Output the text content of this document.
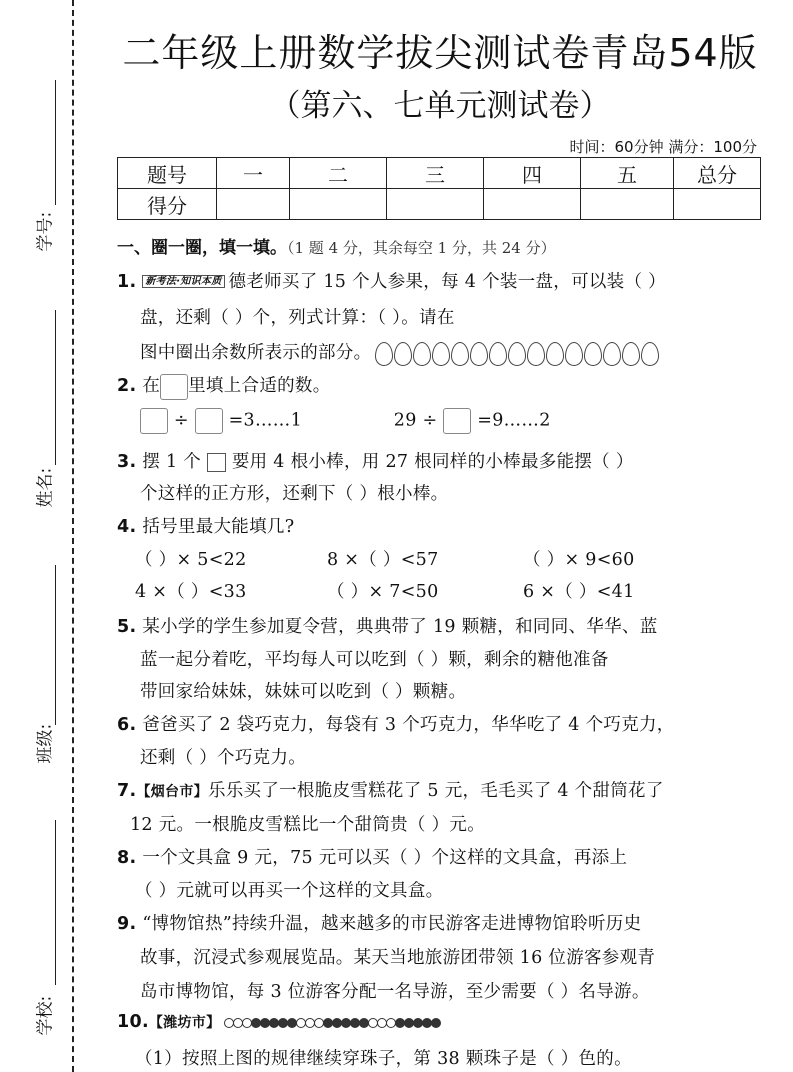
学号:
姓名:
班级:
学校:
二年级上册数学拔尖测试卷青岛54版
（第六、七单元测试卷）
时间：60分钟 满分：100分
题号	一	二	三	四	五	总分
得分						
一、圈一圈，填一填。（1 题 4 分，其余每空 1 分，共 24 分）
1. 新考法·知识本质 德老师买了 15 个人参果，每 4 个装一盘，可以装（ ）
盘，还剩（ ）个，列式计算：（ ）。请在
图中圈出余数所表示的部分。
2. 在 里填上合适的数。
÷ =3……1	29 ÷ =9……2
3. 摆 1 个 要用 4 根小棒，用 27 根同样的小棒最多能摆（ ）
个这样的正方形，还剩下（ ）根小棒。
4. 括号里最大能填几?
（ ）× 5<22	8 ×（ ）<57	（ ）× 9<60
4 ×（ ）<33	（ ）× 7<50	6 ×（ ）<41
5. 某小学的学生参加夏令营，典典带了 19 颗糖，和同同、华华、蓝
蓝一起分着吃，平均每人可以吃到（ ）颗，剩余的糖他准备
带回家给妹妹，妹妹可以吃到（ ）颗糖。
6. 爸爸买了 2 袋巧克力，每袋有 3 个巧克力，华华吃了 4 个巧克力，
还剩（ ）个巧克力。
7.【烟台市】乐乐买了一根脆皮雪糕花了 5 元，毛毛买了 4 个甜筒花了
12 元。一根脆皮雪糕比一个甜筒贵（ ）元。
8. 一个文具盒 9 元，75 元可以买（ ）个这样的文具盒，再添上
（ ）元就可以再买一个这样的文具盒。
9. “博物馆热”持续升温，越来越多的市民游客走进博物馆聆听历史
故事，沉浸式参观展览品。某天当地旅游团带领 16 位游客参观青
岛市博物馆，每 3 位游客分配一名导游，至少需要（ ）名导游。
10.【潍坊市】
（1）按照上图的规律继续穿珠子，第 38 颗珠子是（ ）色的。
